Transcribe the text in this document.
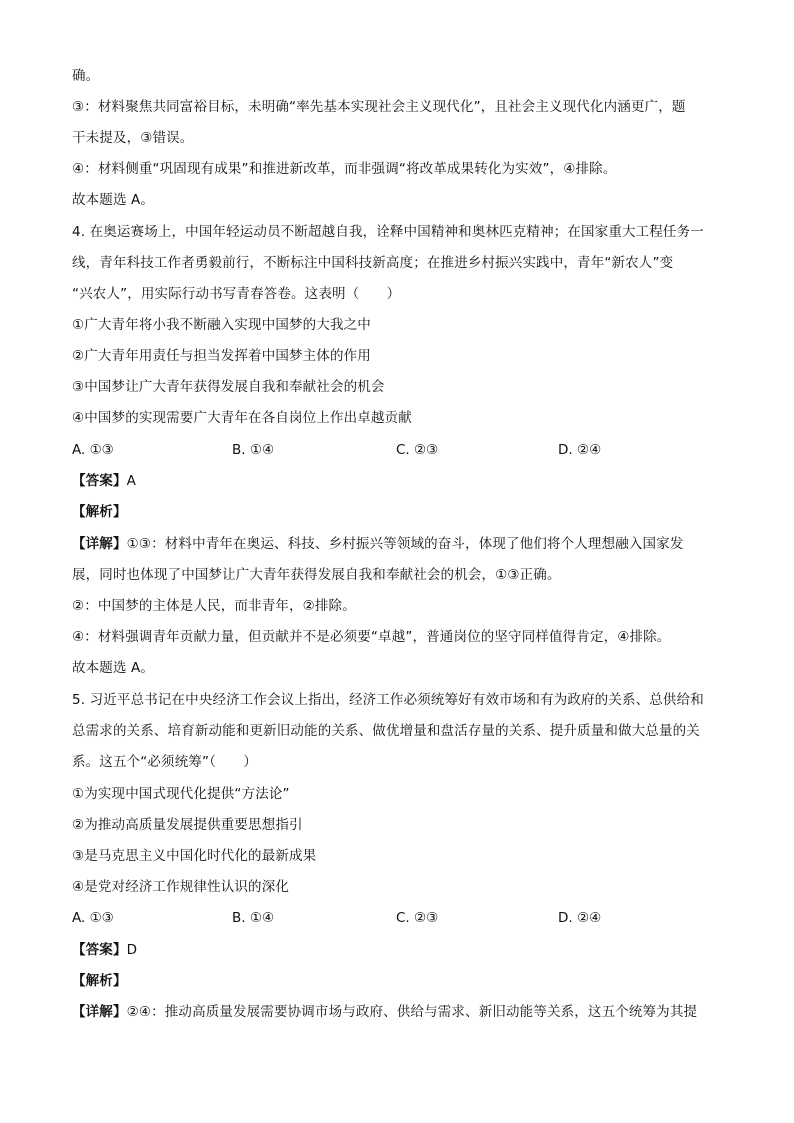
确。
③：材料聚焦共同富裕目标，未明确“率先基本实现社会主义现代化”，且社会主义现代化内涵更广，题
干未提及，③错误。
④：材料侧重“巩固现有成果”和推进新改革，而非强调“将改革成果转化为实效”，④排除。
故本题选 A。
4. 在奥运赛场上，中国年轻运动员不断超越自我，诠释中国精神和奥林匹克精神；在国家重大工程任务一
线，青年科技工作者勇毅前行，不断标注中国科技新高度；在推进乡村振兴实践中，青年“新农人”变
“兴农人”，用实际行动书写青春答卷。这表明（　　）
①广大青年将小我不断融入实现中国梦的大我之中
②广大青年用责任与担当发挥着中国梦主体的作用
③中国梦让广大青年获得发展自我和奉献社会的机会
④中国梦的实现需要广大青年在各自岗位上作出卓越贡献
A. ①③	B. ①④	C. ②③	D. ②④
【答案】A
【解析】
【详解】①③：材料中青年在奥运、科技、乡村振兴等领域的奋斗，体现了他们将个人理想融入国家发
展，同时也体现了中国梦让广大青年获得发展自我和奉献社会的机会，①③正确。
②：中国梦的主体是人民，而非青年，②排除。
④：材料强调青年贡献力量，但贡献并不是必须要“卓越”，普通岗位的坚守同样值得肯定，④排除。
故本题选 A。
5. 习近平总书记在中央经济工作会议上指出，经济工作必须统筹好有效市场和有为政府的关系、总供给和
总需求的关系、培育新动能和更新旧动能的关系、做优增量和盘活存量的关系、提升质量和做大总量的关
系。这五个“必须统筹”（　　）
①为实现中国式现代化提供“方法论”
②为推动高质量发展提供重要思想指引
③是马克思主义中国化时代化的最新成果
④是党对经济工作规律性认识的深化
A. ①③	B. ①④	C. ②③	D. ②④
【答案】D
【解析】
【详解】②④：推动高质量发展需要协调市场与政府、供给与需求、新旧动能等关系，这五个统筹为其提
